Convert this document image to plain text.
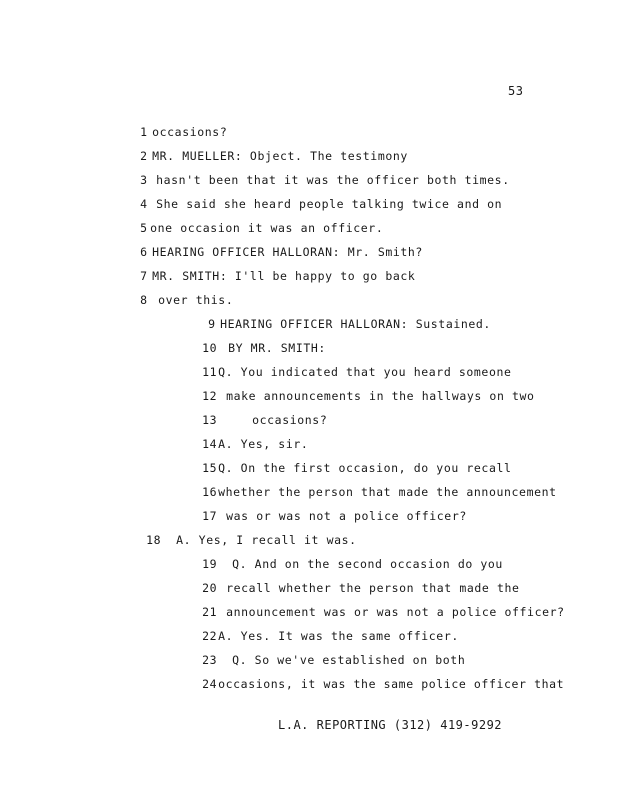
53

1 occasions?

2 MR. MUELLER: Object. The testimony

3 hasn't been that it was the officer both times.

4 She said she heard people talking twice and on

5 one occasion it was an officer.

6 HEARING OFFICER HALLORAN: Mr. Smith?

7 MR. SMITH: I'll be happy to go back

8 over this.

9 HEARING OFFICER HALLORAN: Sustained.

10 BY MR. SMITH:

11Q. You indicated that you heard someone

12 make announcements in the hallways on two

13	occasions?

14A. Yes, sir.

15Q. On the first occasion, do you recall

16whether the person that made the announcement

17 was or was not a police officer?

18 A. Yes, I recall it was.

19 Q. And on the second occasion do you

20 recall whether the person that made the

21 announcement was or was not a police officer?

22A. Yes. It was the same officer.

23 Q. So we've established on both

24occasions, it was the same police officer that

L.A. REPORTING (312) 419-9292
